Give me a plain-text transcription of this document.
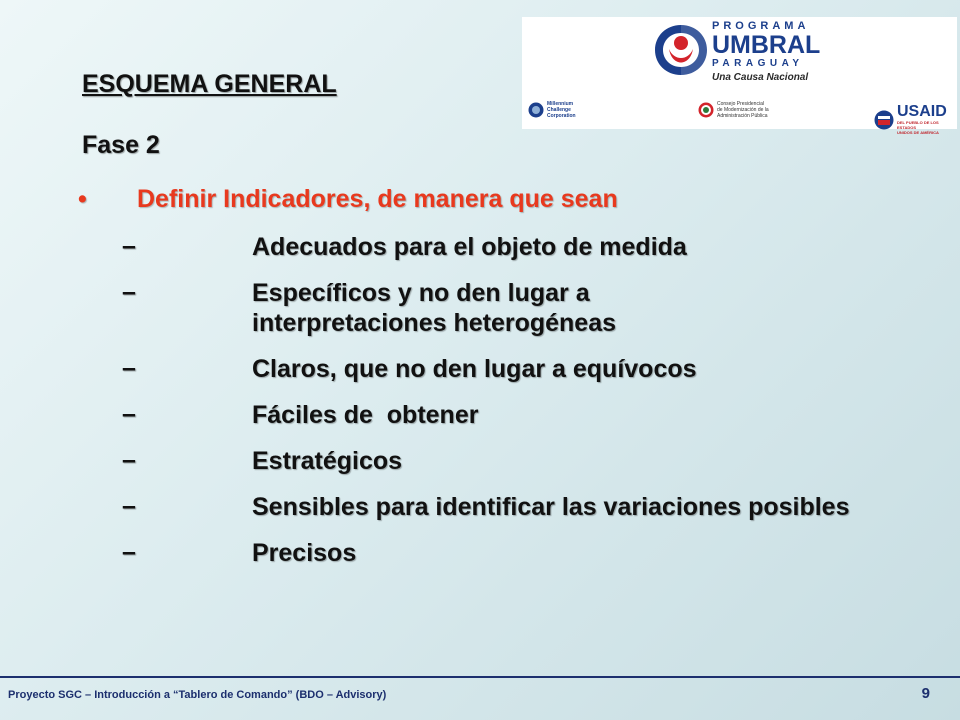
ESQUEMA GENERAL
Fase 2
PROGRAMA
UMBRAL
PARAGUAY
Una Causa Nacional
Millennium
Challenge
Corporation
Consejo Presidencial
de Modernización de la
Administración Pública	USAID
DEL PUEBLO DE LOS ESTADOS
UNIDOS DE AMÉRICA
• Definir Indicadores, de manera que sean
–	Adecuados para el objeto de medida
–	Específicos y no den lugar a interpretaciones heterogéneas
–	Claros, que no den lugar a equívocos
–	Fáciles de  obtener
–	Estratégicos
–	Sensibles para identificar las variaciones posibles
–	Precisos
Proyecto SGC – Introducción a “Tablero de Comando” (BDO – Advisory)	9
